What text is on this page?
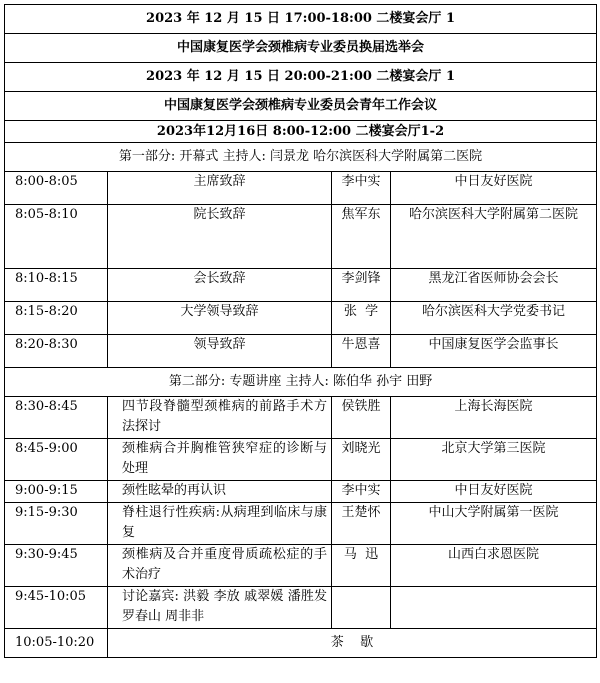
2023 年 12 月 15 日 17:00-18:00 二楼宴会厅 1			
中国康复医学会颈椎病专业委员换届选举会			
2023 年 12 月 15 日 20:00-21:00 二楼宴会厅 1			
中国康复医学会颈椎病专业委员会青年工作会议			
2023年12月16日 8:00-12:00 二楼宴会厅1-2			
第一部分: 开幕式 主持人: 闫景龙 哈尔滨医科大学附属第二医院			
8:00-8:05	主席致辞	李中实	中日友好医院
8:05-8:10	院长致辞	焦军东	哈尔滨医科大学附属第二医院
8:10-8:15	会长致辞	李剑锋	黑龙江省医师协会会长
8:15-8:20	大学领导致辞	张  学	哈尔滨医科大学党委书记
8:20-8:30	领导致辞	牛恩喜	中国康复医学会监事长
第二部分: 专题讲座 主持人: 陈伯华 孙宇 田野			
8:30-8:45	四节段脊髓型颈椎病的前路手术方法探讨	侯铁胜	上海长海医院
8:45-9:00	颈椎病合并胸椎管狭窄症的诊断与处理	刘晓光	北京大学第三医院
9:00-9:15	颈性眩晕的再认识	李中实	中日友好医院
9:15-9:30	脊柱退行性疾病:从病理到临床与康复	王楚怀	中山大学附属第一医院
9:30-9:45	颈椎病及合并重度骨质疏松症的手术治疗	马  迅	山西白求恩医院
9:45-10:05	讨论嘉宾: 洪毅 李放 戚翠媛 潘胜发 罗春山 周非非		
10:05-10:20	茶    歇		
